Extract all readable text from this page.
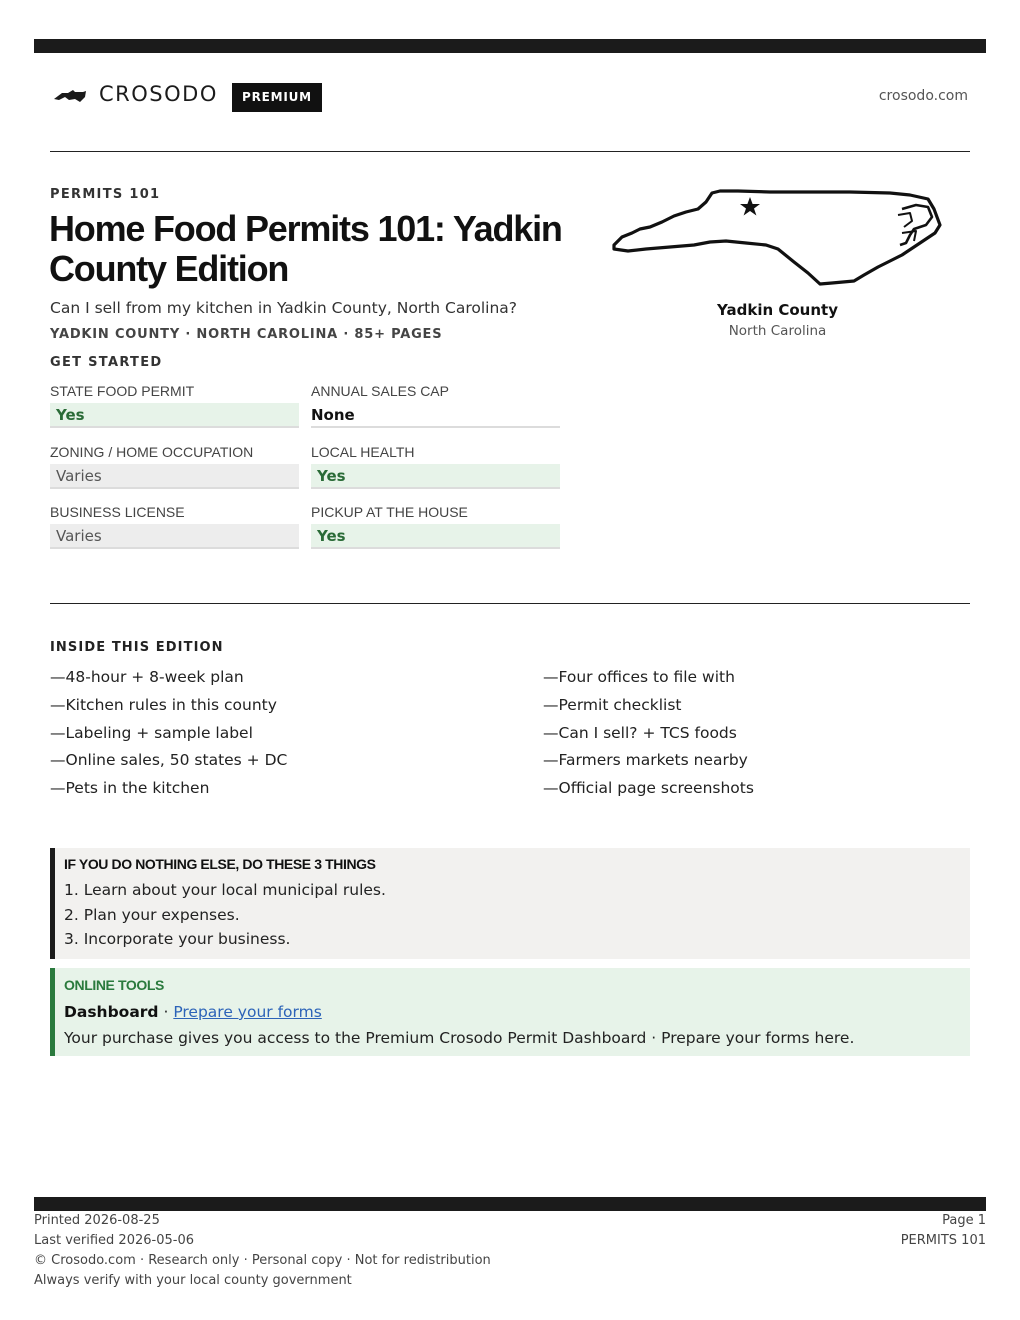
CROSODO	PREMIUM	crosodo.com
PERMITS 101
Home Food Permits 101: Yadkin County Edition
Can I sell from my kitchen in Yadkin County, North Carolina?
YADKIN COUNTY · NORTH CAROLINA · 85+ PAGES
GET STARTED
STATE FOOD PERMIT
Yes
ANNUAL SALES CAP
None
ZONING / HOME OCCUPATION
Varies
LOCAL HEALTH
Yes
BUSINESS LICENSE
Varies
PICKUP AT THE HOUSE
Yes
Yadkin County
North Carolina
INSIDE THIS EDITION
—48-hour + 8-week plan
—Kitchen rules in this county
—Labeling + sample label
—Online sales, 50 states + DC
—Pets in the kitchen
—Four offices to file with
—Permit checklist
—Can I sell? + TCS foods
—Farmers markets nearby
—Official page screenshots
IF YOU DO NOTHING ELSE, DO THESE 3 THINGS
1. Learn about your local municipal rules.
2. Plan your expenses.
3. Incorporate your business.
ONLINE TOOLS
Dashboard · Prepare your forms
Your purchase gives you access to the Premium Crosodo Permit Dashboard · Prepare your forms here.
Printed 2026-08-25
Last verified 2026-05-06
© Crosodo.com · Research only · Personal copy · Not for redistribution
Always verify with your local county government
Page 1
PERMITS 101
